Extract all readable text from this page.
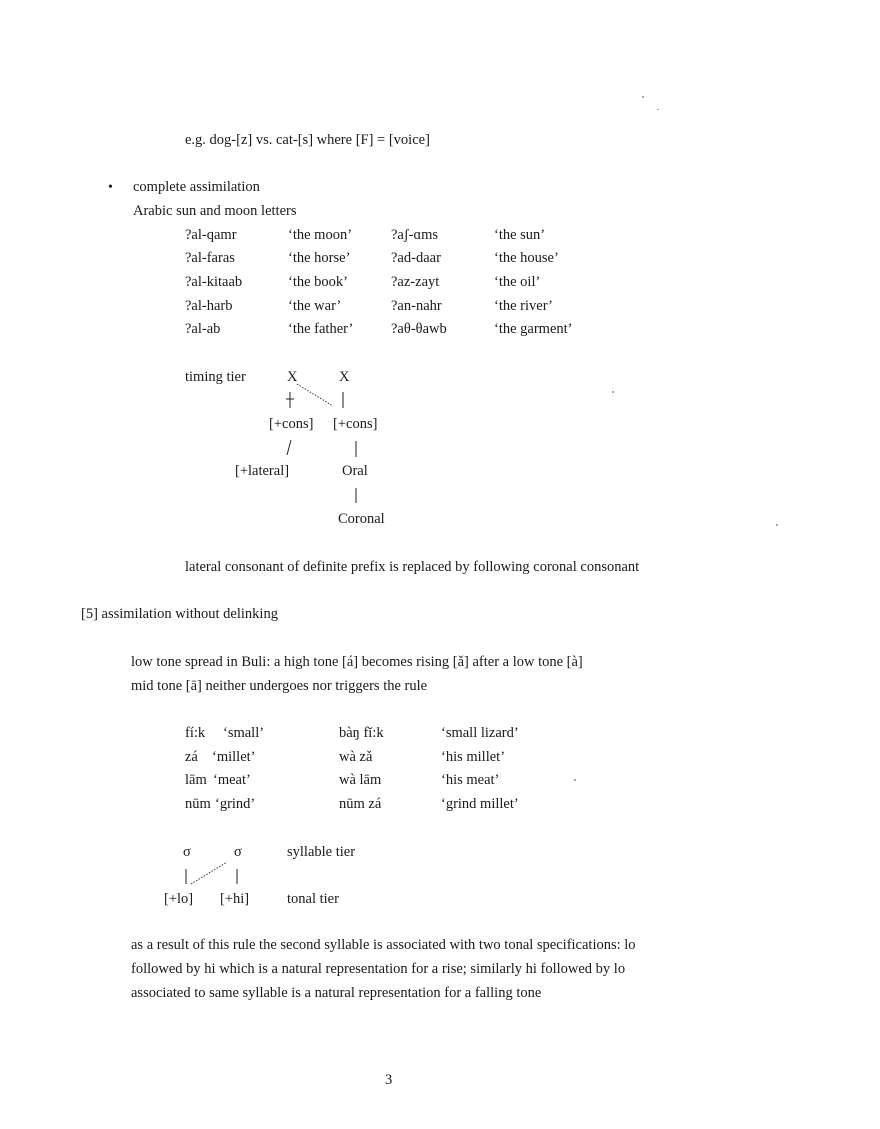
e.g. dog-[z] vs. cat-[s] where [F] = [voice]
• complete assimilation
Arabic sun and moon letters
?al-qamr	‘the moon’	?aʃ-ɑms	‘the sun’
?al-faras	‘the horse’	?ad-daar	‘the house’
?al-kitaab	‘the book’	?az-zayt	‘the oil’
?al-harb	‘the war’	?an-nahr	‘the river’
?al-ab	‘the father’	?aθ-θawb	‘the garment’
timing tier	X	X
[+cons] [+cons]
[+lateral]	Oral
Coronal
lateral consonant of definite prefix is replaced by following coronal consonant
[5] assimilation without delinking
low tone spread in Buli: a high tone [á] becomes rising [ǎ] after a low tone [à]
mid tone [ā] neither undergoes nor triggers the rule
fí:k ‘small’	bàŋ fĭ:k	‘small lizard’
zá ‘millet’	wà zǎ	‘his millet’
lām ‘meat’	wà lām	‘his meat’
nūm ‘grind’	nūm zá	‘grind millet’
σ	σ	syllable tier
[+lo] [+hi]	tonal tier
as a result of this rule the second syllable is associated with two tonal specifications: lo
followed by hi which is a natural representation for a rise; similarly hi followed by lo
associated to same syllable is a natural representation for a falling tone
3
